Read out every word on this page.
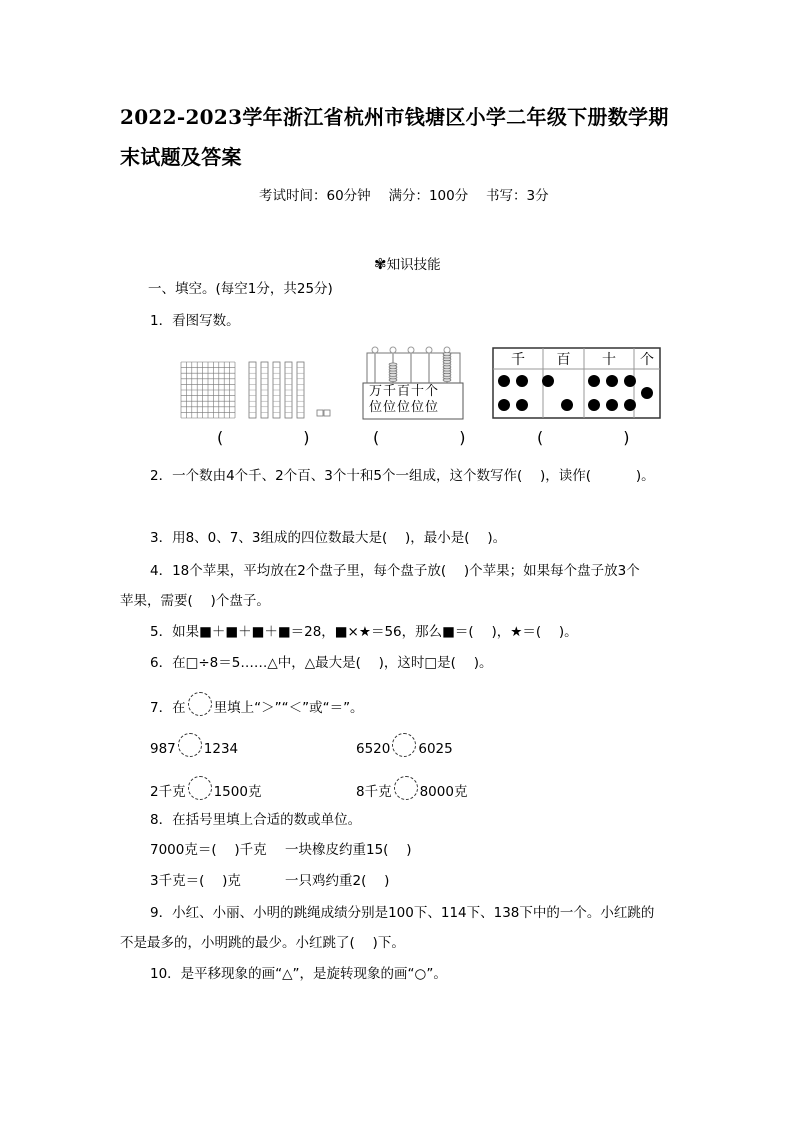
2022-2023学年浙江省杭州市钱塘区小学二年级下册数学期
末试题及答案
考试时间：60分钟　 满分：100分　 书写：3分
✾知识技能
一、填空。(每空1分，共25分)
1．看图写数。
万千百十个
位位位位位
千 百 十 个
(　　　　　)	(　　　　　)	(　　　　　)
2．一个数由4个千、2个百、3个十和5个一组成，这个数写作(　 )，读作(　　　 )。
3．用8、0、7、3组成的四位数最大是(　 )，最小是(　 )。
4．18个苹果，平均放在2个盘子里，每个盘子放(　 )个苹果；如果每个盘子放3个
苹果，需要(　 )个盘子。
5．如果■＋■＋■＋■＝28，■×★＝56，那么■＝(　 )，★＝(　 )。
6．在□÷8＝5……△中，△最大是(　 )，这时□是(　 )。
7．在 里填上“＞”“＜”或“＝”。
987 1234	6520 6025
2千克 1500克	8千克 8000克
8．在括号里填上合适的数或单位。
7000克＝(　 )千克 一块橡皮约重15(　 )
3千克＝(　 )克	一只鸡约重2(　 )
9．小红、小丽、小明的跳绳成绩分别是100下、114下、138下中的一个。小红跳的
不是最多的，小明跳的最少。小红跳了(　 )下。
10．是平移现象的画“△”，是旋转现象的画“○”。
